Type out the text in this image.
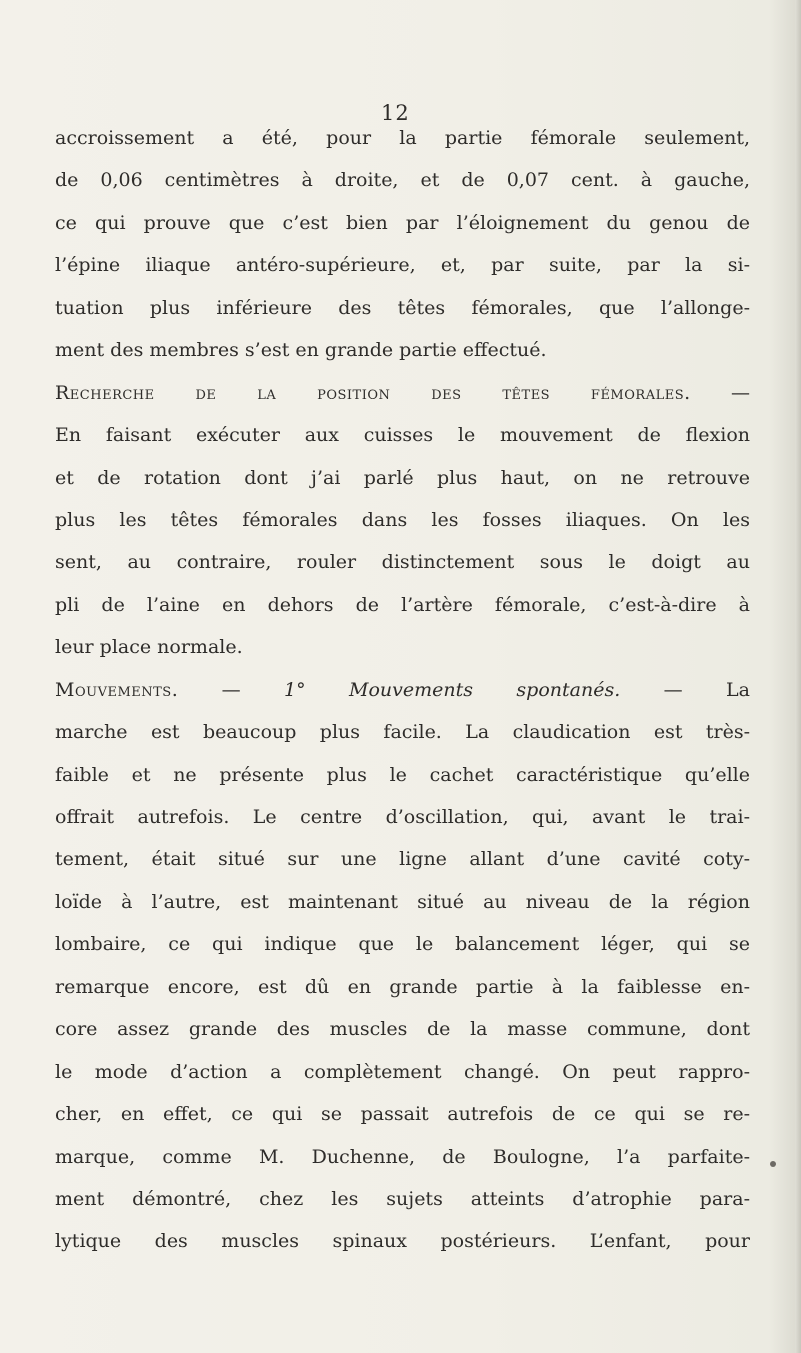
12
accroissement a été, pour la partie fémorale seulement,
de 0,06 centimètres à droite, et de 0,07 cent. à gauche,
ce qui prouve que c’est bien par l’éloignement du genou de
l’épine iliaque antéro-supérieure, et, par suite, par la si-
tuation plus inférieure des têtes fémorales, que l’allonge-
ment des membres s’est en grande partie effectué.
Recherche de la position des têtes fémorales. —
En faisant exécuter aux cuisses le mouvement de flexion
et de rotation dont j’ai parlé plus haut, on ne retrouve
plus les têtes fémorales dans les fosses iliaques. On les
sent, au contraire, rouler distinctement sous le doigt au
pli de l’aine en dehors de l’artère fémorale, c’est-à-dire à
leur place normale.
Mouvements. — 1° Mouvements spontanés. — La
marche est beaucoup plus facile. La claudication est très-
faible et ne présente plus le cachet caractéristique qu’elle
offrait autrefois. Le centre d’oscillation, qui, avant le trai-
tement, était situé sur une ligne allant d’une cavité coty-
loïde à l’autre, est maintenant situé au niveau de la région
lombaire, ce qui indique que le balancement léger, qui se
remarque encore, est dû en grande partie à la faiblesse en-
core assez grande des muscles de la masse commune, dont
le mode d’action a complètement changé. On peut rappro-
cher, en effet, ce qui se passait autrefois de ce qui se re-
marque, comme M. Duchenne, de Boulogne, l’a parfaite-
ment démontré, chez les sujets atteints d’atrophie para-
lytique des muscles spinaux postérieurs. L’enfant, pour
